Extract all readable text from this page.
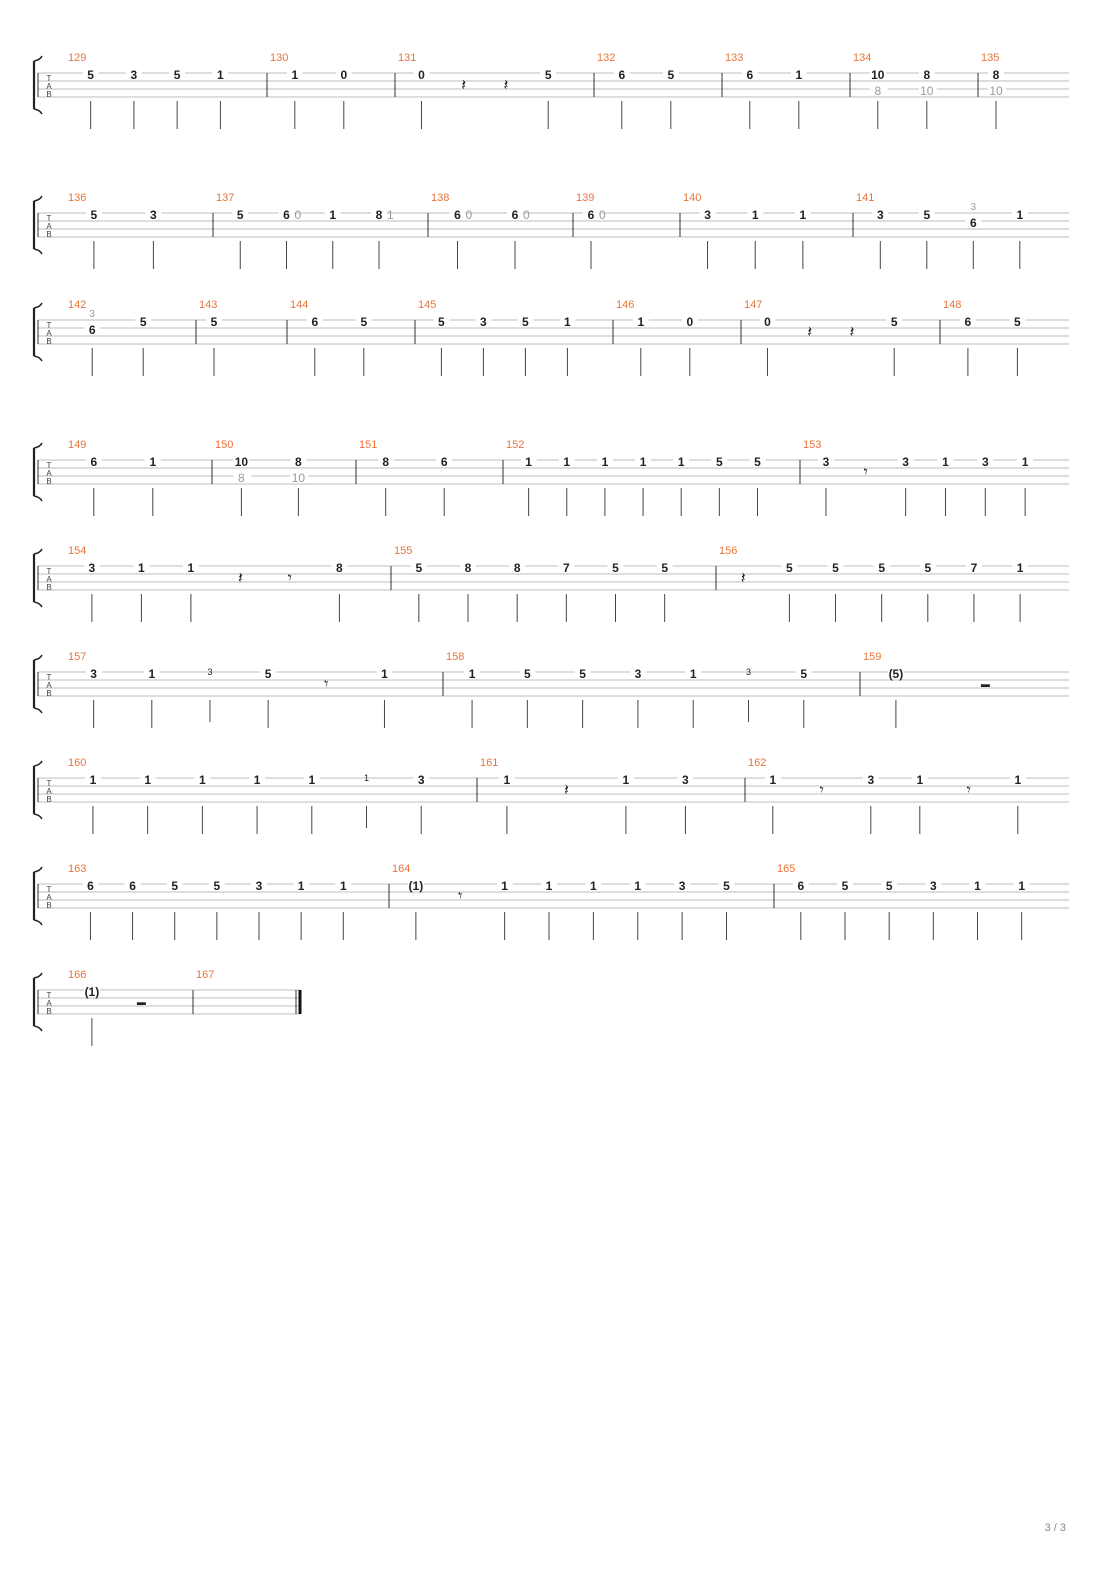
T
A
B
129
5	3	5	1
130
1	0
131
0
𝄽 𝄽
5
132
6	5
133
6	1
134
10
8
8
10
135
8
10
T
A
B
136
5	3
137
5	6 0 1	8 1
138
6 0	6 0
139
6 0
140
3	1	1
141
3	5
3
6
1
T
A
B
142
3
6
5
143
5
144
6	5
145
5	3	5	1
146
1	0
147
0
𝄽 𝄽
5
148
6	5
T
A
B
149
6	1
150
10
8
8
10
151
8	6
152
1	1	1	1	1	5	5
153
3
𝄾
3	1	3	1
T
A
B
154
3	1	1
𝄽	𝄾
8
155
5	8	8	7	5	5
156
𝄽
5	5	5	5	7	1
T
A
B
157
3	1	3	5
𝄾
1
158
1	5	5	3	1	3	5
159
(5)
▬
T
A
B
160
1	1	1	1	1	1	3
161
1
𝄽
1	3
162
1
𝄾
3	1
𝄾
1
T
A
B
163
6	6	5	5	3	1	1
164
(1)
𝄾
1	1	1	1	3	5
165
6	5	5	3	1	1
T
A
B
166
(1)
▬
167
3 / 3
